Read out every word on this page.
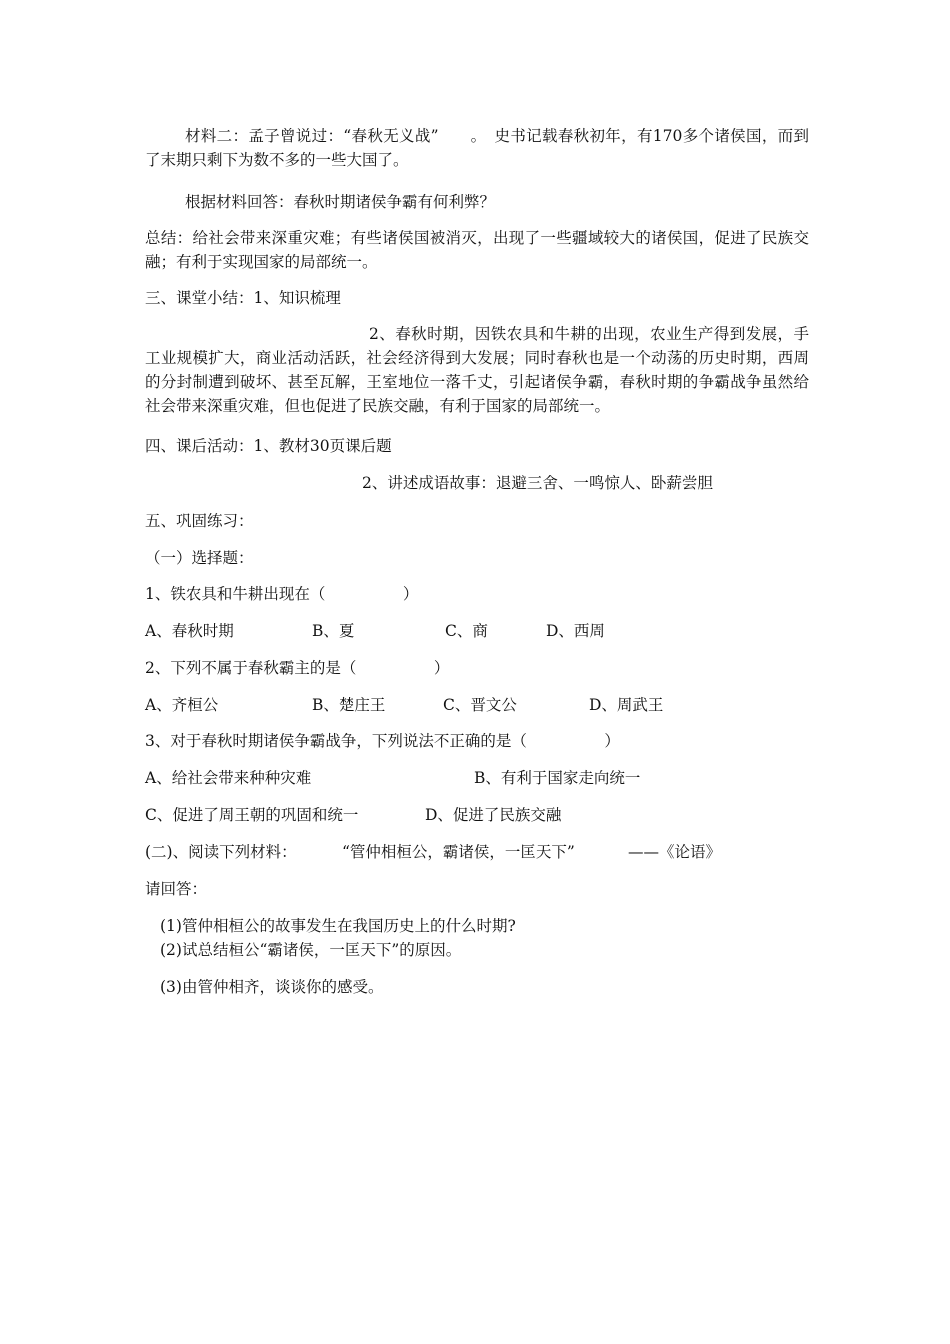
材料二：孟子曾说过：“春秋无义战”　　。　史书记载春秋初年，有170多个诸侯国，而到了末期只剩下为数不多的一些大国了。
根据材料回答：春秋时期诸侯争霸有何利弊？
总结：给社会带来深重灾难；有些诸侯国被消灭，出现了一些疆域较大的诸侯国，促进了民族交融；有利于实现国家的局部统一。
三、课堂小结：1、知识梳理
2、春秋时期，因铁农具和牛耕的出现，农业生产得到发展，手工业规模扩大，商业活动活跃，社会经济得到大发展；同时春秋也是一个动荡的历史时期，西周的分封制遭到破坏、甚至瓦解，王室地位一落千丈，引起诸侯争霸，春秋时期的争霸战争虽然给社会带来深重灾难，但也促进了民族交融，有利于国家的局部统一。
四、课后活动：1、教材30页课后题
2、讲述成语故事：退避三舍、一鸣惊人、卧薪尝胆
五、巩固练习：
（一）选择题：
1、铁农具和牛耕出现在（　　　　　）
A、春秋时期	B、夏	C、商	D、西周
2、下列不属于春秋霸主的是（　　　　　）
A、齐桓公	B、楚庄王	C、晋文公	D、周武王
3、对于春秋时期诸侯争霸战争，下列说法不正确的是（　　　　　）
A、给社会带来种种灾难	B、有利于国家走向统一
C、促进了周王朝的巩固和统一	D、促进了民族交融
(二)、阅读下列材料：	“管仲相桓公，霸诸侯，一匡天下”	——《论语》
请回答：
(1)管仲相桓公的故事发生在我国历史上的什么时期?
(2)试总结桓公“霸诸侯，一匡天下”的原因。
(3)由管仲相齐，谈谈你的感受。
